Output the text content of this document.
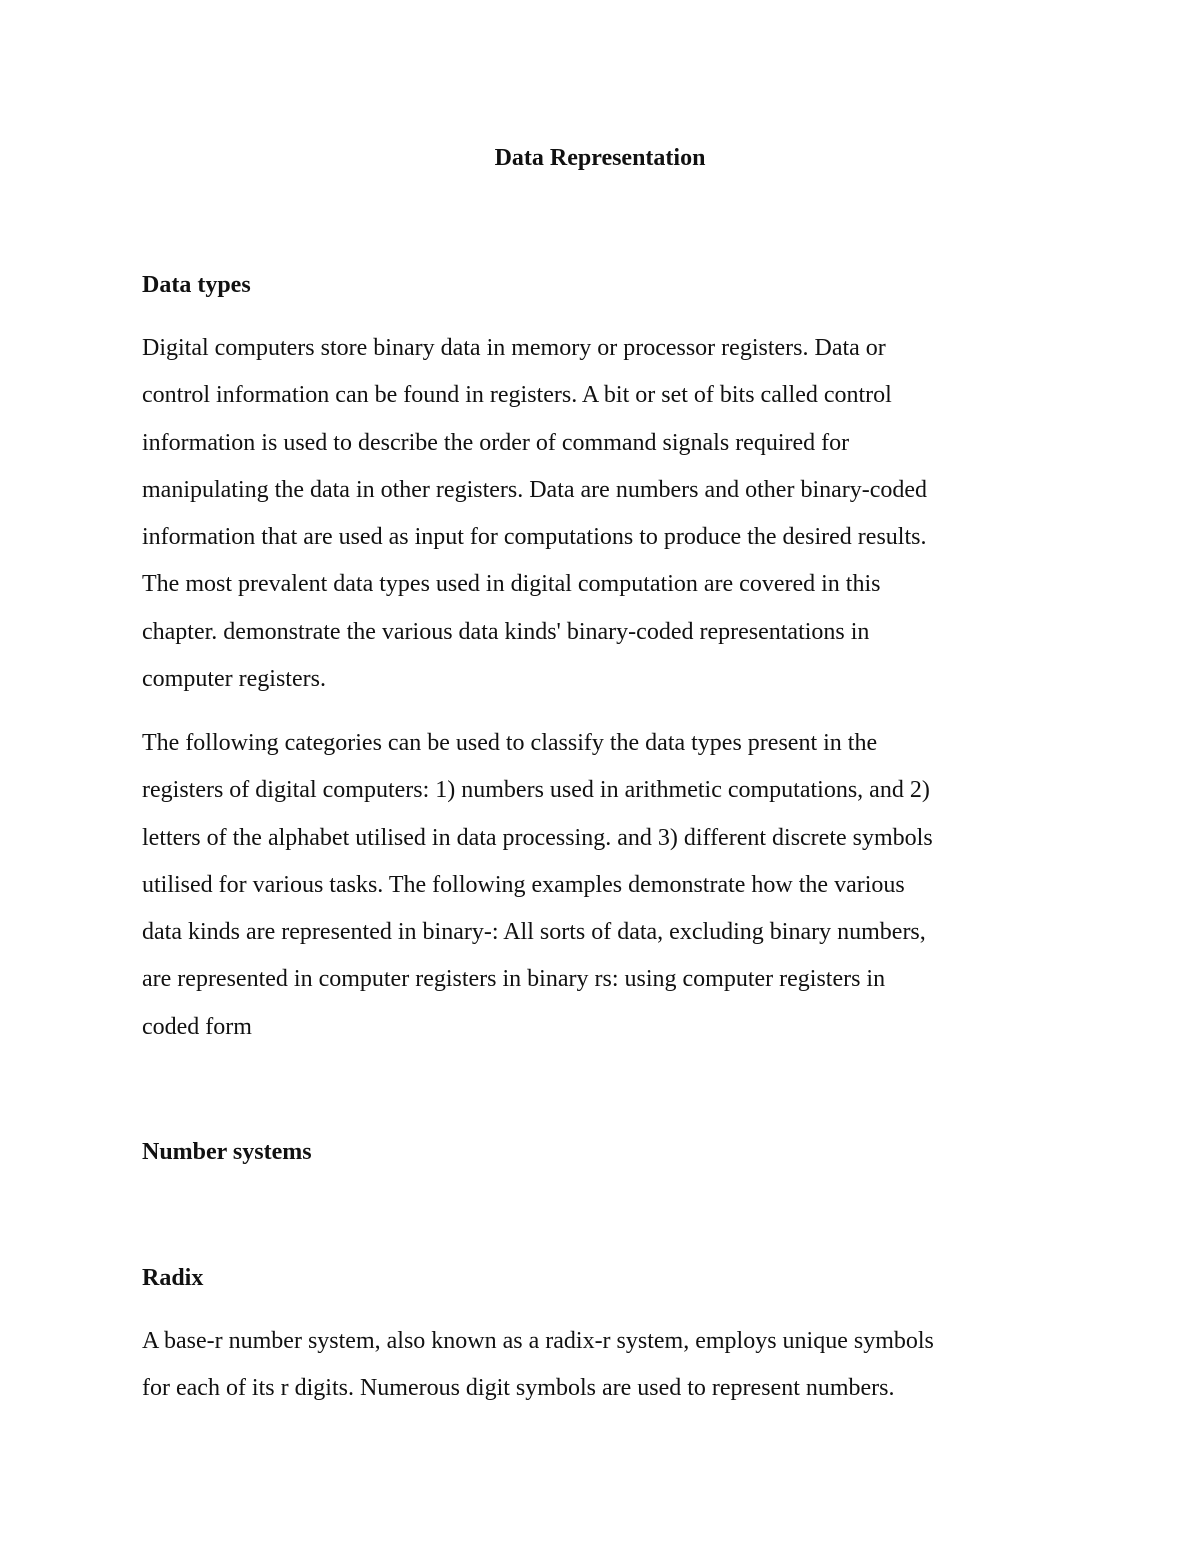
Data Representation
Data types

Digital computers store binary data in memory or processor registers. Data or
control information can be found in registers. A bit or set of bits called control
information is used to describe the order of command signals required for
manipulating the data in other registers. Data are numbers and other binary-coded
information that are used as input for computations to produce the desired results.
The most prevalent data types used in digital computation are covered in this
chapter. demonstrate the various data kinds' binary-coded representations in
computer registers.

The following categories can be used to classify the data types present in the
registers of digital computers: 1) numbers used in arithmetic computations, and 2)
letters of the alphabet utilised in data processing. and 3) different discrete symbols
utilised for various tasks. The following examples demonstrate how the various
data kinds are represented in binary-: All sorts of data, excluding binary numbers,
are represented in computer registers in binary rs: using computer registers in
coded form

Number systems
Radix

A base-r number system, also known as a radix-r system, employs unique symbols
for each of its r digits. Numerous digit symbols are used to represent numbers.
